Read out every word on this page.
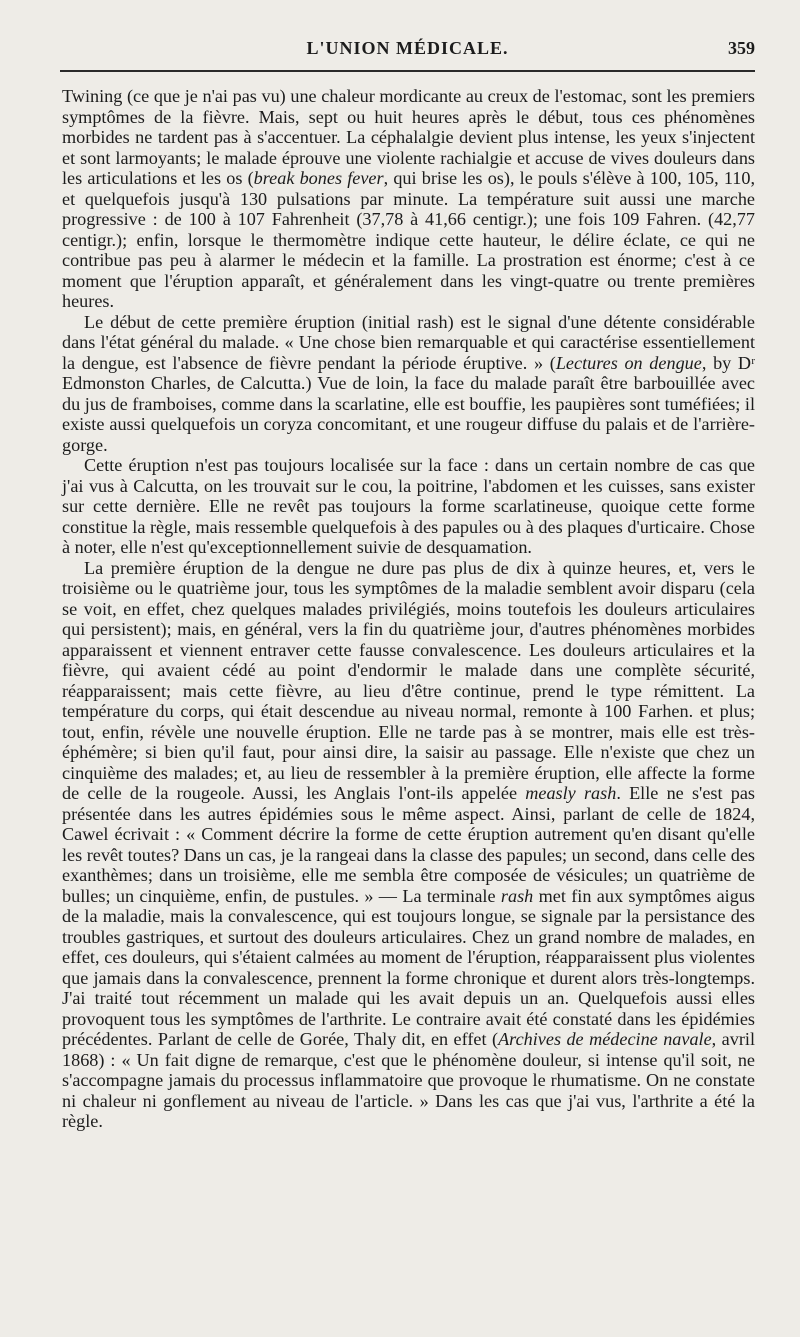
L'UNION MÉDICALE.	359

Twining (ce que je n'ai pas vu) une chaleur mordicante au creux de l'estomac, sont les premiers symptômes de la fièvre. Mais, sept ou huit heures après le début, tous ces phénomènes morbides ne tardent pas à s'accentuer. La céphalalgie devient plus intense, les yeux s'injectent et sont larmoyants; le malade éprouve une violente rachialgie et accuse de vives douleurs dans les articulations et les os (break bones fever, qui brise les os), le pouls s'élève à 100, 105, 110, et quelquefois jusqu'à 130 pulsations par minute. La température suit aussi une marche progressive : de 100 à 107 Fahrenheit (37,78 à 41,66 centigr.); une fois 109 Fahren. (42,77 centigr.); enfin, lorsque le thermomètre indique cette hauteur, le délire éclate, ce qui ne contribue pas peu à alarmer le médecin et la famille. La prostration est énorme; c'est à ce moment que l'éruption apparaît, et généralement dans les vingt-quatre ou trente premières heures.

Le début de cette première éruption (initial rash) est le signal d'une détente considérable dans l'état général du malade. « Une chose bien remarquable et qui caractérise essentiellement la dengue, est l'absence de fièvre pendant la période éruptive. » (Lectures on dengue, by Dʳ Edmonston Charles, de Calcutta.) Vue de loin, la face du malade paraît être barbouillée avec du jus de framboises, comme dans la scarlatine, elle est bouffie, les paupières sont tuméfiées; il existe aussi quelquefois un coryza concomitant, et une rougeur diffuse du palais et de l'arrière-gorge.

Cette éruption n'est pas toujours localisée sur la face : dans un certain nombre de cas que j'ai vus à Calcutta, on les trouvait sur le cou, la poitrine, l'abdomen et les cuisses, sans exister sur cette dernière. Elle ne revêt pas toujours la forme scarlatineuse, quoique cette forme constitue la règle, mais ressemble quelquefois à des papules ou à des plaques d'urticaire. Chose à noter, elle n'est qu'exceptionnellement suivie de desquamation.

La première éruption de la dengue ne dure pas plus de dix à quinze heures, et, vers le troisième ou le quatrième jour, tous les symptômes de la maladie semblent avoir disparu (cela se voit, en effet, chez quelques malades privilégiés, moins toutefois les douleurs articulaires qui persistent); mais, en général, vers la fin du quatrième jour, d'autres phénomènes morbides apparaissent et viennent entraver cette fausse convalescence. Les douleurs articulaires et la fièvre, qui avaient cédé au point d'endormir le malade dans une complète sécurité, réapparaissent; mais cette fièvre, au lieu d'être continue, prend le type rémittent. La température du corps, qui était descendue au niveau normal, remonte à 100 Farhen. et plus; tout, enfin, révèle une nouvelle éruption. Elle ne tarde pas à se montrer, mais elle est très-éphémère; si bien qu'il faut, pour ainsi dire, la saisir au passage. Elle n'existe que chez un cinquième des malades; et, au lieu de ressembler à la première éruption, elle affecte la forme de celle de la rougeole. Aussi, les Anglais l'ont-ils appelée measly rash. Elle ne s'est pas présentée dans les autres épidémies sous le même aspect. Ainsi, parlant de celle de 1824, Cawel écrivait : « Comment décrire la forme de cette éruption autrement qu'en disant qu'elle les revêt toutes? Dans un cas, je la rangeai dans la classe des papules; un second, dans celle des exanthèmes; dans un troisième, elle me sembla être composée de vésicules; un quatrième de bulles; un cinquième, enfin, de pustules. » — La terminale rash met fin aux symptômes aigus de la maladie, mais la convalescence, qui est toujours longue, se signale par la persistance des troubles gastriques, et surtout des douleurs articulaires. Chez un grand nombre de malades, en effet, ces douleurs, qui s'étaient calmées au moment de l'éruption, réapparaissent plus violentes que jamais dans la convalescence, prennent la forme chronique et durent alors très-longtemps. J'ai traité tout récemment un malade qui les avait depuis un an. Quelquefois aussi elles provoquent tous les symptômes de l'arthrite. Le contraire avait été constaté dans les épidémies précédentes. Parlant de celle de Gorée, Thaly dit, en effet (Archives de médecine navale, avril 1868) : « Un fait digne de remarque, c'est que le phénomène douleur, si intense qu'il soit, ne s'accompagne jamais du processus inflammatoire que provoque le rhumatisme. On ne constate ni chaleur ni gonflement au niveau de l'article. » Dans les cas que j'ai vus, l'arthrite a été la règle.
